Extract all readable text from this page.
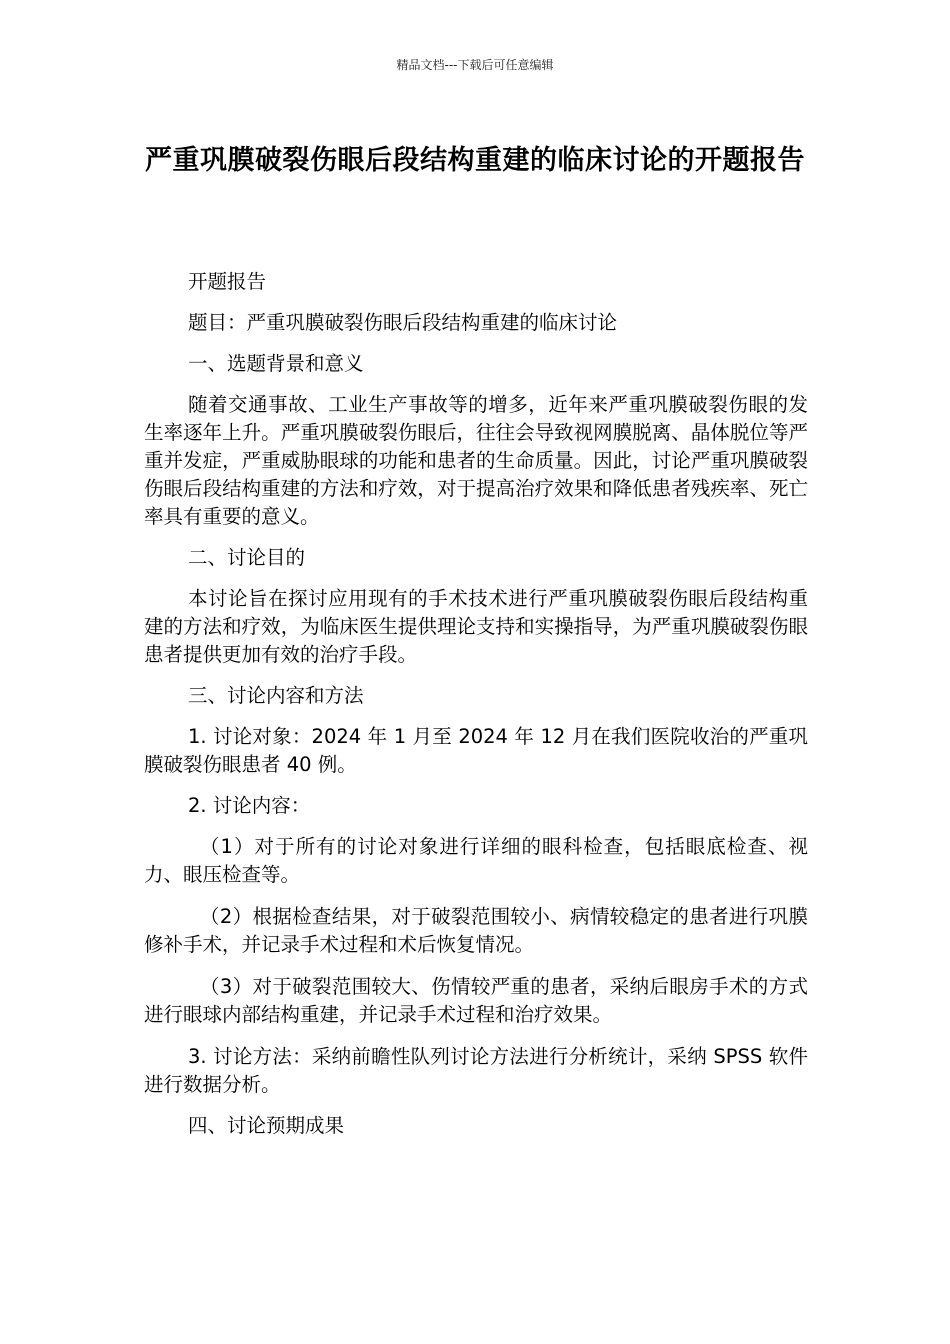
精品文档---下载后可任意编辑
严重巩膜破裂伤眼后段结构重建的临床讨论的开题报告

开题报告

题目：严重巩膜破裂伤眼后段结构重建的临床讨论

一、选题背景和意义

随着交通事故、工业生产事故等的增多，近年来严重巩膜破裂伤眼的发生率逐年上升。严重巩膜破裂伤眼后，往往会导致视网膜脱离、晶体脱位等严重并发症，严重威胁眼球的功能和患者的生命质量。因此，讨论严重巩膜破裂伤眼后段结构重建的方法和疗效，对于提高治疗效果和降低患者残疾率、死亡率具有重要的意义。

二、讨论目的

本讨论旨在探讨应用现有的手术技术进行严重巩膜破裂伤眼后段结构重建的方法和疗效，为临床医生提供理论支持和实操指导，为严重巩膜破裂伤眼患者提供更加有效的治疗手段。

三、讨论内容和方法

1. 讨论对象：2024 年 1 月至 2024 年 12 月在我们医院收治的严重巩膜破裂伤眼患者 40 例。

2. 讨论内容：

（1）对于所有的讨论对象进行详细的眼科检查，包括眼底检查、视力、眼压检查等。

（2）根据检查结果，对于破裂范围较小、病情较稳定的患者进行巩膜修补手术，并记录手术过程和术后恢复情况。

（3）对于破裂范围较大、伤情较严重的患者，采纳后眼房手术的方式进行眼球内部结构重建，并记录手术过程和治疗效果。

3. 讨论方法：采纳前瞻性队列讨论方法进行分析统计，采纳 SPSS 软件进行数据分析。

四、讨论预期成果
